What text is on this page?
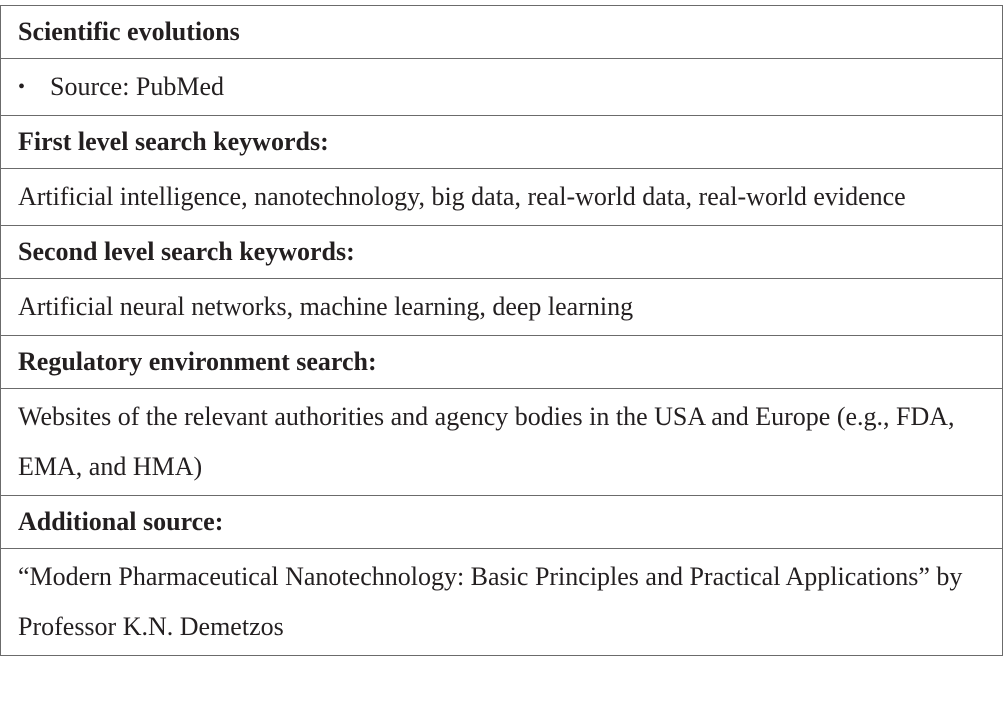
Scientific evolutions

• Source: PubMed

First level search keywords:
Artificial intelligence, nanotechnology, big data, real-world data, real-world evidence
Second level search keywords:
Artificial neural networks, machine learning, deep learning
Regulatory environment search:
Websites of the relevant authorities and agency bodies in the USA and Europe (e.g., FDA, EMA, and HMA)
Additional source:
“Modern Pharmaceutical Nanotechnology: Basic Principles and Practical Applications” by Professor K.N. Demetzos
